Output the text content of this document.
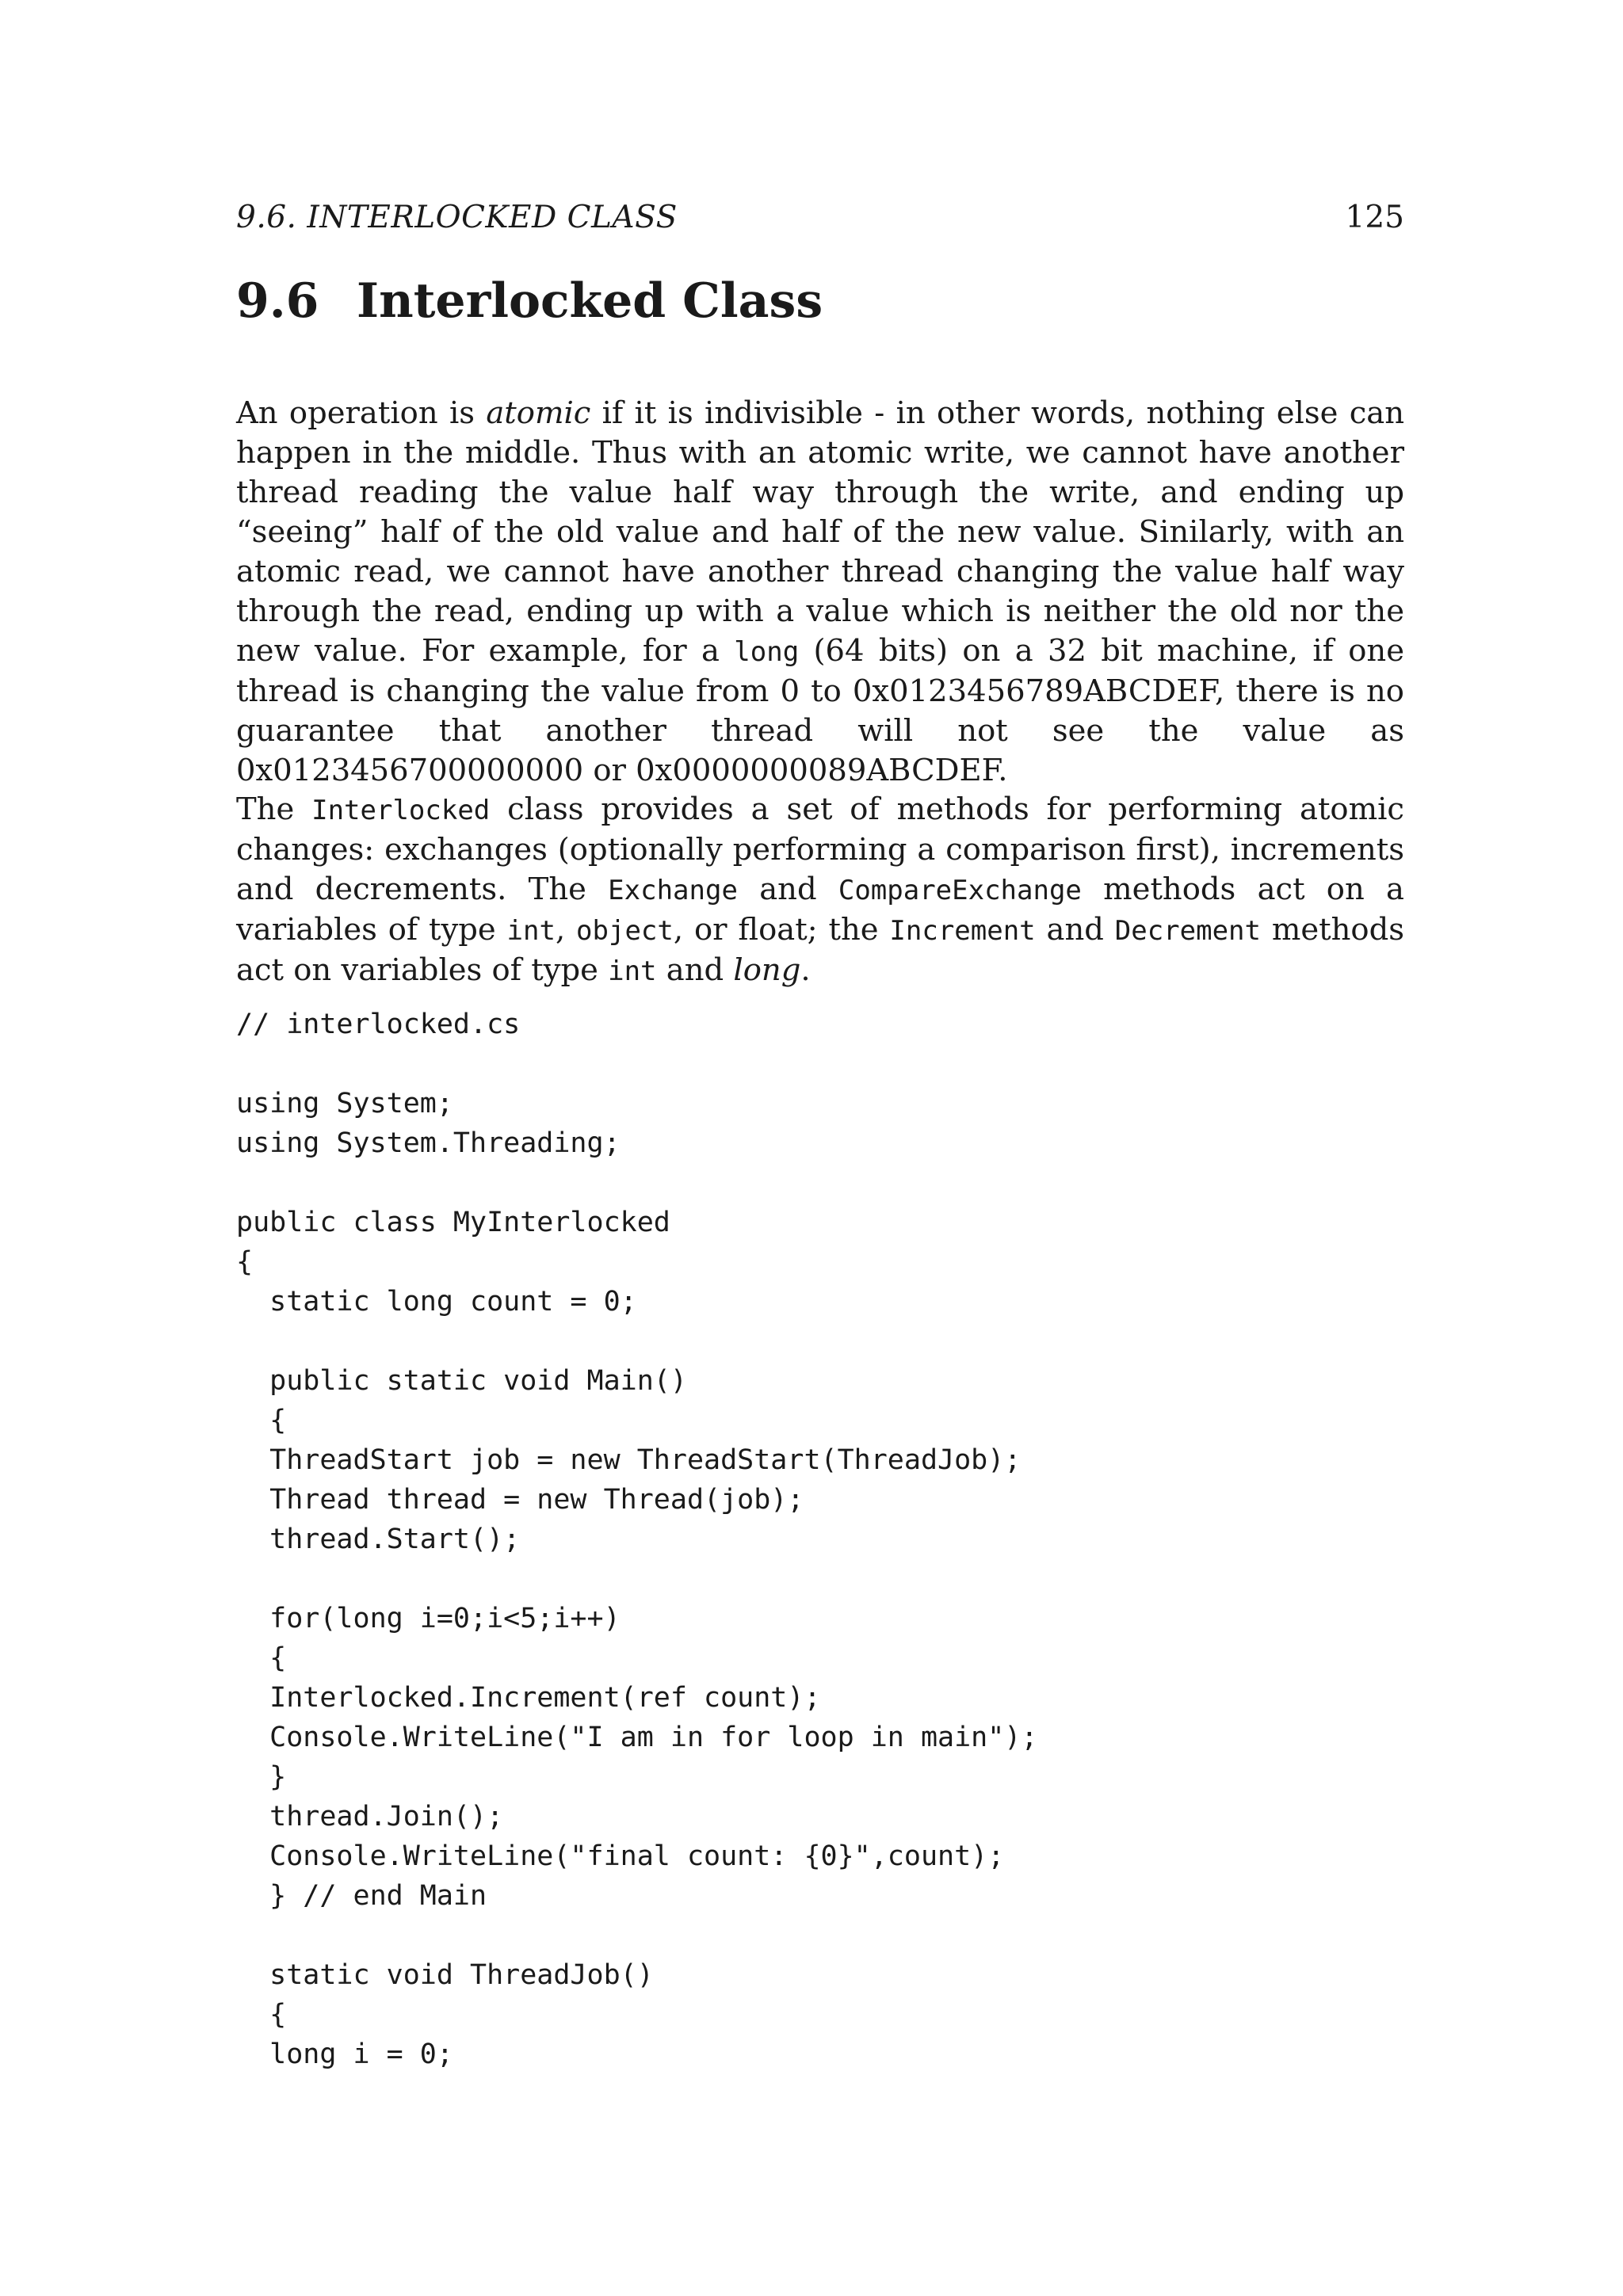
9.6. INTERLOCKED CLASS	125
9.6 Interlocked Class

An operation is atomic if it is indivisible - in other words, nothing else can happen in the middle. Thus with an atomic write, we cannot have another thread reading the value half way through the write, and ending up “seeing” half of the old value and half of the new value. Sinilarly, with an atomic read, we cannot have another thread changing the value half way through the read, ending up with a value which is neither the old nor the new value. For example, for a long (64 bits) on a 32 bit machine, if one thread is changing the value from 0 to 0x0123456789ABCDEF, there is no guarantee that another thread will not see the value as 0x0123456700000000 or 0x0000000089ABCDEF.

The Interlocked class provides a set of methods for performing atomic changes: exchanges (optionally performing a comparison first), increments and decrements. The Exchange and CompareExchange methods act on a variables of type int, object, or float; the Increment and Decrement methods act on variables of type int and long.

// interlocked.cs

using System;
using System.Threading;

public class MyInterlocked
{
static long count = 0;

public static void Main()
{
ThreadStart job = new ThreadStart(ThreadJob);
Thread thread = new Thread(job);
thread.Start();

for(long i=0;i<5;i++)
{
Interlocked.Increment(ref count);
Console.WriteLine("I am in for loop in main");
}
thread.Join();
Console.WriteLine("final count: {0}",count);
} // end Main

static void ThreadJob()
{
long i = 0;
